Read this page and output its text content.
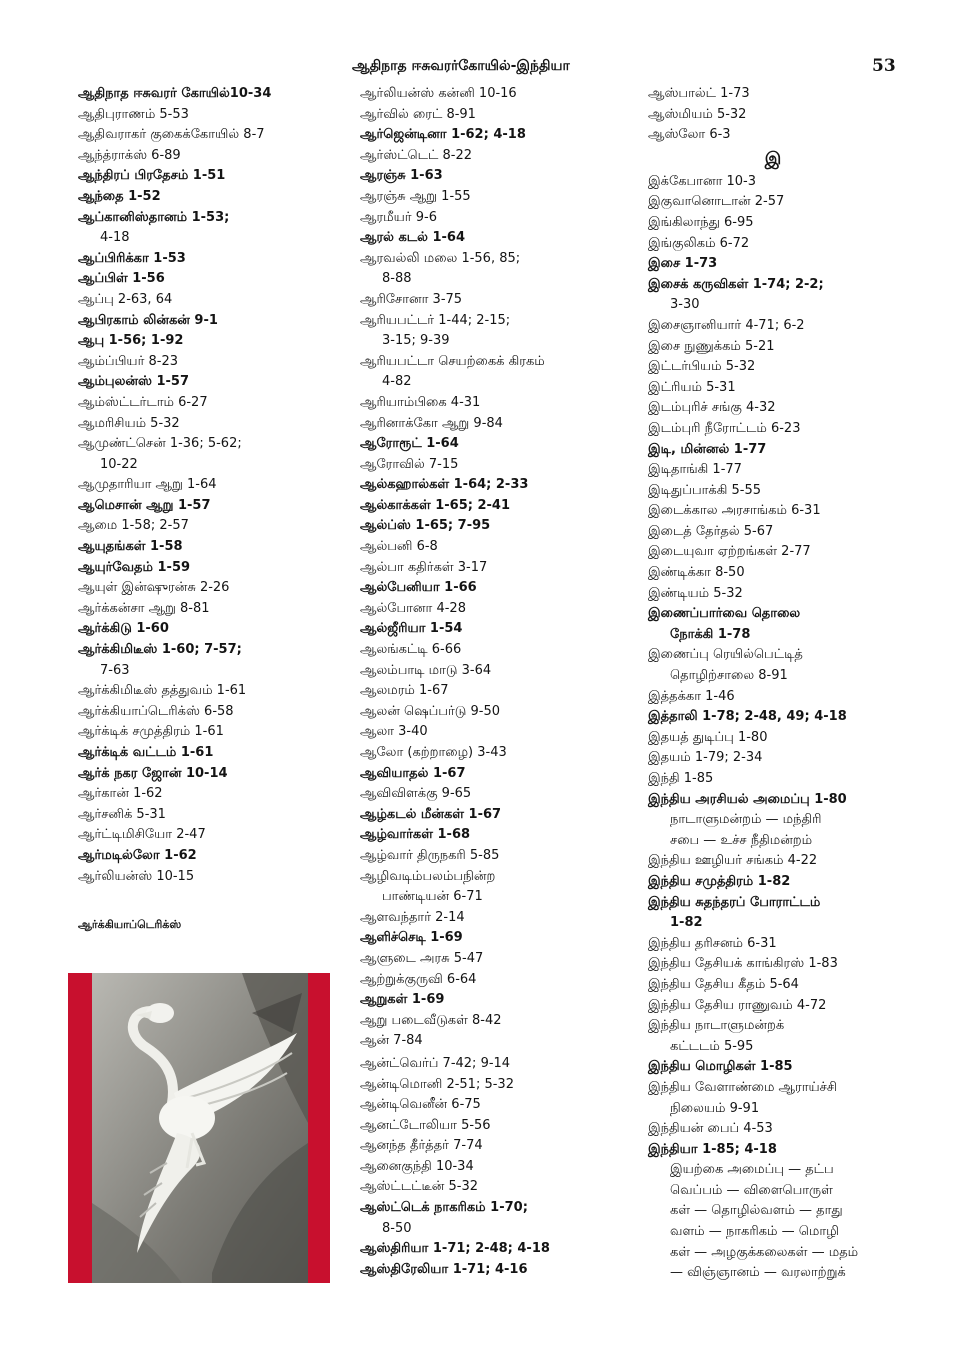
ஆதிநாத ஈசுவரர்கோயில்-இந்தியா	53
ஆதிநாத ஈசுவரர் கோயில்10-34
ஆதிபுராணம் 5-53
ஆதிவராகர் குகைக்கோயில் 8-7
ஆந்த்ராக்ஸ் 6-89
ஆந்திரப் பிரதேசம் 1-51
ஆந்தை 1-52
ஆப்கானிஸ்தானம் 1-53;
4-18
ஆப்பிரிக்கா 1-53
ஆப்பிள் 1-56
ஆப்பு 2-63, 64
ஆபிரகாம் லின்கன் 9-1
ஆபு 1-56; 1-92
ஆம்ப்பியர் 8-23
ஆம்புலன்ஸ் 1-57
ஆம்ஸ்ட்டர்டாம் 6-27
ஆமரிசியம் 5-32
ஆமுண்ட்சென் 1-36; 5-62;
10-22
ஆமுதாரியா ஆறு 1-64
ஆமெசான் ஆறு 1-57
ஆமை 1-58; 2-57
ஆயுதங்கள் 1-58
ஆயுர்வேதம் 1-59
ஆயுள் இன்ஷுரன்சு 2-26
ஆர்க்கன்சா ஆறு 8-81
ஆர்க்கிடு 1-60
ஆர்க்கிமிடீஸ் 1-60; 7-57;
7-63
ஆர்க்கிமிடீஸ் தத்துவம் 1-61
ஆர்க்கியாப்டெரிக்ஸ் 6-58
ஆர்க்டிக் சமுத்திரம் 1-61
ஆர்க்டிக் வட்டம் 1-61
ஆர்க் நகர ஜோன் 10-14
ஆர்கான் 1-62
ஆர்சனிக் 5-31
ஆர்ட்டிமிசியோ 2-47
ஆர்மடில்லோ 1-62
ஆர்லியன்ஸ் 10-15
ஆர்லியன்ஸ் கன்னி 10-16
ஆர்வில் ரைட் 8-91
ஆர்ஜென்டினா 1-62; 4-18
ஆர்ஸ்ட்டெட் 8-22
ஆரஞ்சு 1-63
ஆரஞ்சு ஆறு 1-55
ஆரமீயர் 9-6
ஆரல் கடல் 1-64
ஆரவல்லி மலை 1-56, 85;
8-88
ஆரிசோனா 3-75
ஆரியபட்டர் 1-44; 2-15;
3-15; 9-39
ஆரியபட்டா செயற்கைக் கிரகம்
4-82
ஆரியாம்பிகை 4-31
ஆரினாக்கோ ஆறு 9-84
ஆரோரூட் 1-64
ஆரோவில் 7-15
ஆல்கஹால்கள் 1-64; 2-33
ஆல்காக்கள் 1-65; 2-41
ஆல்ப்ஸ் 1-65; 7-95
ஆல்பனி 6-8
ஆல்பா கதிர்கள் 3-17
ஆல்பேனியா 1-66
ஆல்போனா 4-28
ஆல்ஜீரியா 1-54
ஆலங்கட்டி 6-66
ஆலம்பாடி மாடு 3-64
ஆலமரம் 1-67
ஆலன் ஷெப்பர்டு 9-50
ஆலா 3-40
ஆலோ (கற்றாழை) 3-43
ஆவியாதல் 1-67
ஆவிவிளக்கு 9-65
ஆழ்கடல் மீன்கள் 1-67
ஆழ்வார்கள் 1-68
ஆழ்வார் திருநகரி 5-85
ஆழிவடிம்பலம்பநின்ற
பாண்டியன் 6-71
ஆளவந்தார் 2-14
ஆளிச்செடி 1-69
ஆளுடை அரசு 5-47
ஆற்றுக்குருவி 6-64
ஆறுகள் 1-69
ஆறு படைவீடுகள் 8-42
ஆன் 7-84
ஆன்ட்வெர்ப் 7-42; 9-14
ஆன்டிமொனி 2-51; 5-32
ஆன்டிவெனீன் 6-75
ஆனட்டோலியா 5-56
ஆனந்த தீர்த்தர் 7-74
ஆனைகுந்தி 10-34
ஆஸ்ட்டட்டீன் 5-32
ஆஸ்ட்டெக் நாகரிகம் 1-70;
8-50
ஆஸ்திரியா 1-71; 2-48; 4-18
ஆஸ்திரேலியா 1-71; 4-16
ஆஸ்பால்ட் 1-73
ஆஸ்மியம் 5-32
ஆஸ்லோ 6-3
இ
இக்கேபானா 10-3
இகுவானொடான் 2-57
இங்கிலாந்து 6-95
இங்குலிகம் 6-72
இசை 1-73
இசைக் கருவிகள் 1-74; 2-2;
3-30
இசைஞானியார் 4-71; 6-2
இசை நுணுக்கம் 5-21
இட்டர்பியம் 5-32
இட்ரியம் 5-31
இடம்புரிச் சங்கு 4-32
இடம்புரி நீரோட்டம் 6-23
இடி, மின்னல் 1-77
இடிதாங்கி 1-77
இடிதுப்பாக்கி 5-55
இடைக்கால அரசாங்கம் 6-31
இடைத் தேர்தல் 5-67
இடையுவா ஏற்றங்கள் 2-77
இண்டிக்கா 8-50
இண்டியம் 5-32
இணைப்பார்வை தொலை
நோக்கி 1-78
இணைப்பு ரெயில்பெட்டித்
தொழிற்சாலை 8-91
இத்தக்கா 1-46
இத்தாலி 1-78; 2-48, 49; 4-18
இதயத் துடிப்பு 1-80
இதயம் 1-79; 2-34
இந்தி 1-85
இந்திய அரசியல் அமைப்பு 1-80
நாடாளுமன்றம் — மந்திரி
சபை — உச்ச நீதிமன்றம்
இந்திய ஊழியர் சங்கம் 4-22
இந்திய சமுத்திரம் 1-82
இந்திய சுதந்தரப் போராட்டம்
1-82
இந்திய தரிசனம் 6-31
இந்திய தேசியக் காங்கிரஸ் 1-83
இந்திய தேசிய கீதம் 5-64
இந்திய தேசிய ராணுவம் 4-72
இந்திய நாடாளுமன்றக்
கட்டடம் 5-95
இந்திய மொழிகள் 1-85
இந்திய வேளாண்மை ஆராய்ச்சி
நிலையம் 9-91
இந்தியன் பைப் 4-53
இந்தியா 1-85; 4-18
இயற்கை அமைப்பு — தட்ப
வெப்பம் — விளைபொருள்
கள் — தொழில்வளம் — தாது
வளம் — நாகரிகம் — மொழி
கள் — அழகுக்கலைகள் — மதம்
— விஞ்ஞானம் — வரலாற்றுக்
ஆர்க்கியாப்டெரிக்ஸ்
